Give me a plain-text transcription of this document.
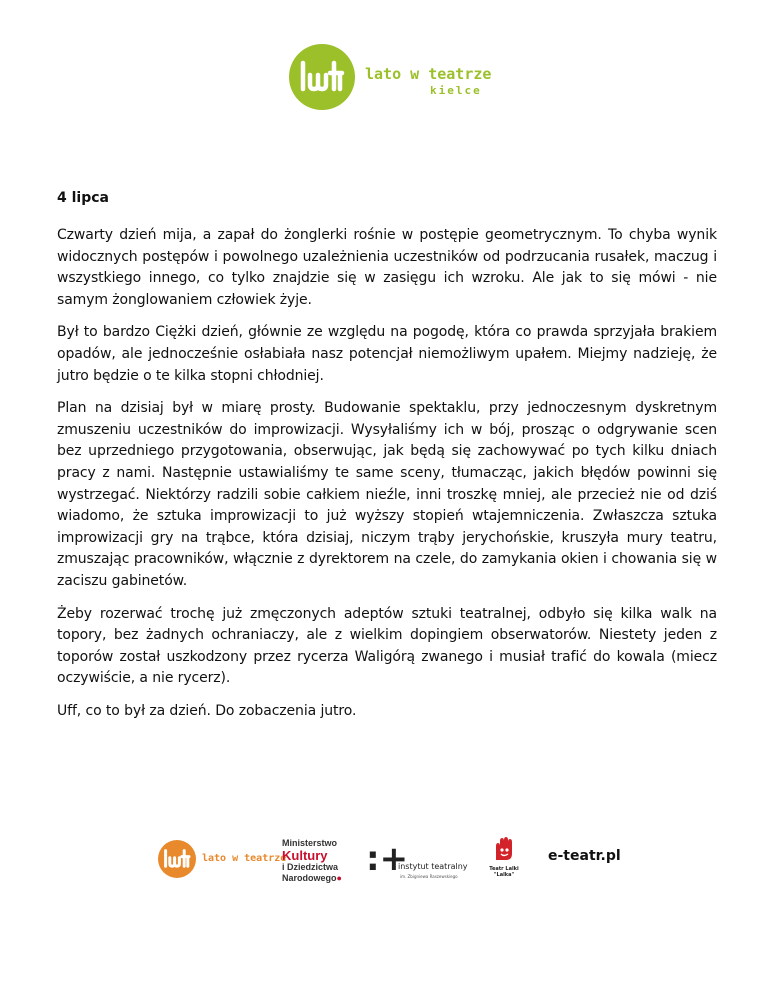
lato w teatrze
kielce

4 lipca

Czwarty dzień mija, a zapał do żonglerki rośnie w postępie geometrycznym. To chyba wynik widocznych postępów i powolnego uzależnienia uczestników od podrzucania rusałek, maczug i wszystkiego innego, co tylko znajdzie się w zasięgu ich wzroku. Ale jak to się mówi - nie samym żonglowaniem człowiek żyje.

Był to bardzo Ciężki dzień, głównie ze względu na pogodę, która co prawda sprzyjała brakiem opadów, ale jednocześnie osłabiała nasz potencjał niemożliwym upałem. Miejmy nadzieję, że jutro będzie o te kilka stopni chłodniej.

Plan na dzisiaj był w miarę prosty. Budowanie spektaklu, przy jednoczesnym dyskretnym zmuszeniu uczestników do improwizacji. Wysyłaliśmy ich w bój, prosząc o odgrywanie scen bez uprzedniego przygotowania, obserwując, jak będą się zachowywać po tych kilku dniach pracy z nami. Następnie ustawialiśmy te same sceny, tłumacząc, jakich błędów powinni się wystrzegać. Niektórzy radzili sobie całkiem nieźle, inni troszkę mniej, ale przecież nie od dziś wiadomo, że sztuka improwizacji to już wyższy stopień wtajemniczenia. Zwłaszcza sztuka improwizacji gry na trąbce, która dzisiaj, niczym trąby jerychońskie, kruszyła mury teatru, zmuszając pracowników, włącznie z dyrektorem na czele, do zamykania okien i chowania się w zaciszu gabinetów.

Żeby rozerwać trochę już zmęczonych adeptów sztuki teatralnej, odbyło się kilka walk na topory, bez żadnych ochraniaczy, ale z wielkim dopingiem obserwatorów. Niestety jeden z toporów został uszkodzony przez rycerza Waligórą zwanego i musiał trafić do kowala (miecz oczywiście, a nie rycerz).

Uff, co to był za dzień. Do zobaczenia jutro.

lato w teatrze
Ministerstwo
Kultury
i Dziedzictwa
Narodowego● :+
instytut teatralny
im. Zbigniewa Raszewskiego
Teatr Lalki
"Lalka"
e-teatr.pl
